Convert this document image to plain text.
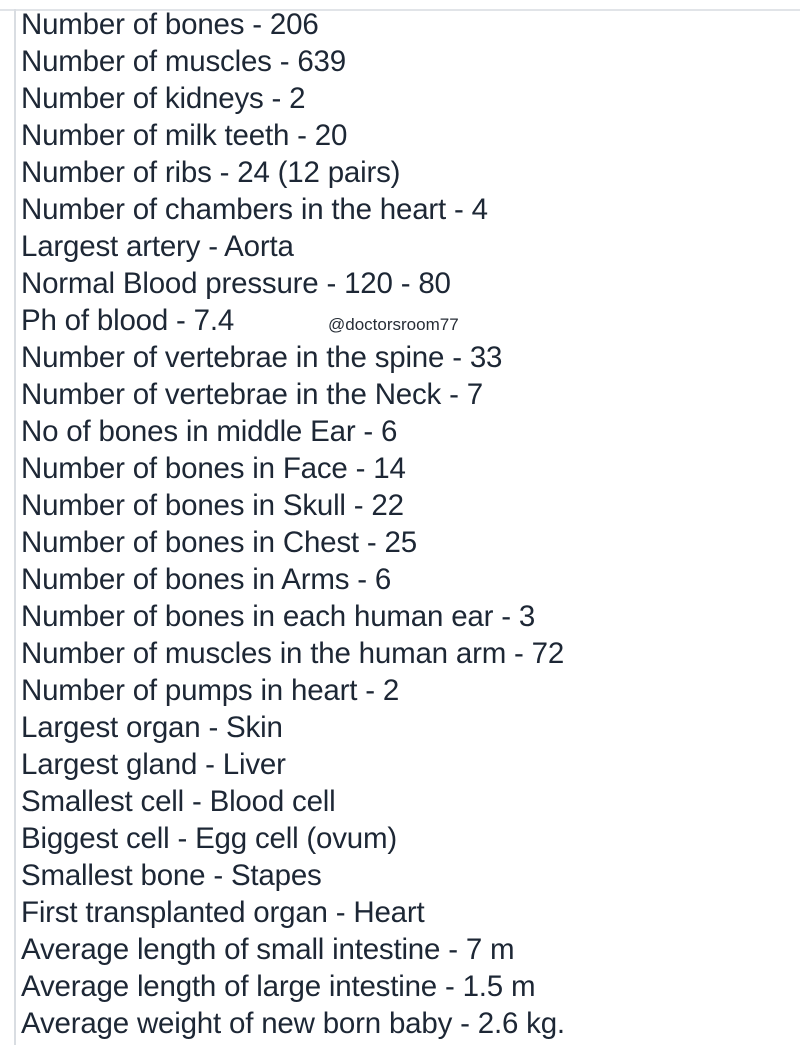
Number of bones - 206
Number of muscles - 639
Number of kidneys - 2
Number of milk teeth - 20
Number of ribs - 24 (12 pairs)
Number of chambers in the heart - 4
Largest artery - Aorta
Normal Blood pressure - 120 - 80
Ph of blood - 7.4
Number of vertebrae in the spine - 33
Number of vertebrae in the Neck - 7
No of bones in middle Ear - 6
Number of bones in Face - 14
Number of bones in Skull - 22
Number of bones in Chest - 25
Number of bones in Arms - 6
Number of bones in each human ear - 3
Number of muscles in the human arm - 72
Number of pumps in heart - 2
Largest organ - Skin
Largest gland - Liver
Smallest cell - Blood cell
Biggest cell - Egg cell (ovum)
Smallest bone - Stapes
First transplanted organ - Heart
Average length of small intestine - 7 m
Average length of large intestine - 1.5 m
Average weight of new born baby - 2.6 kg.
@doctorsroom77
